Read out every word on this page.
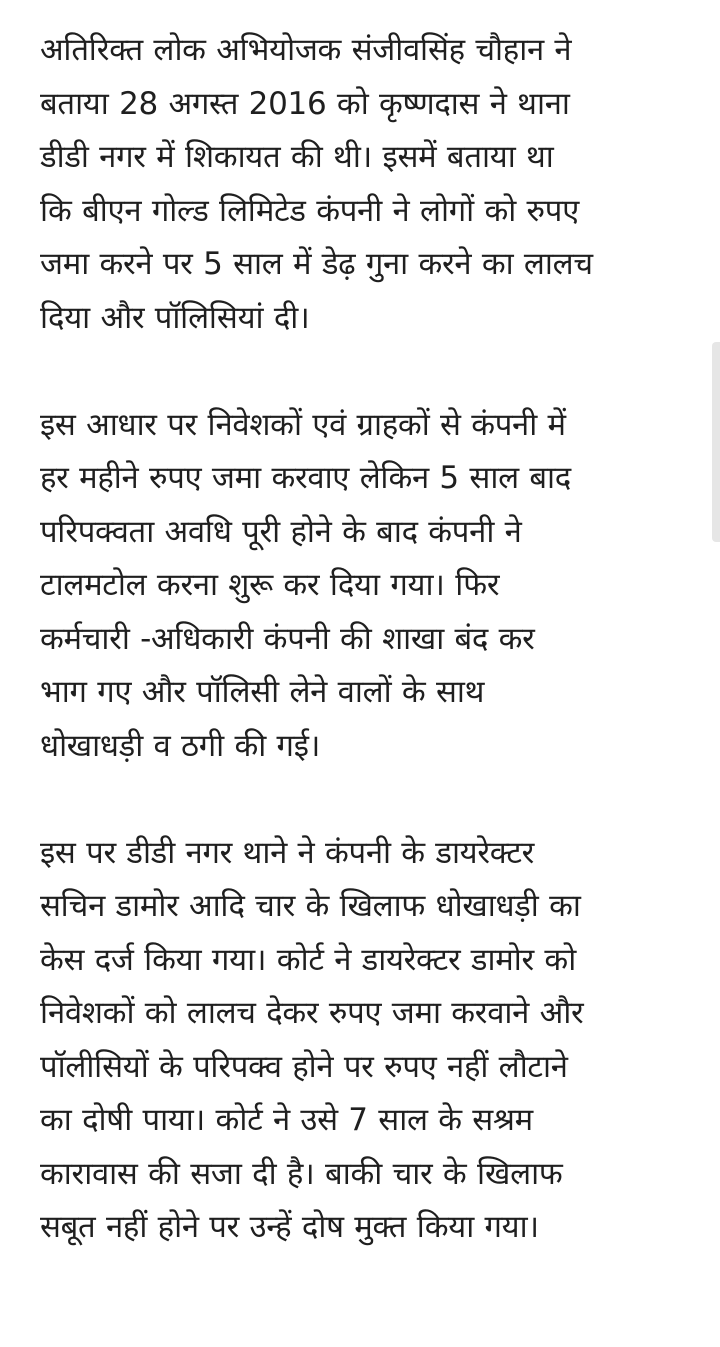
अतिरिक्त लोक अभियोजक संजीवसिंह चौहान ने
बताया 28 अगस्त 2016 को कृष्णदास ने थाना
डीडी नगर में शिकायत की थी। इसमें बताया था
कि बीएन गोल्ड लिमिटेड कंपनी ने लोगों को रुपए
जमा करने पर 5 साल में डेढ़ गुना करने का लालच
दिया और पॉलिसियां दी।

इस आधार पर निवेशकों एवं ग्राहकों से कंपनी में
हर महीने रुपए जमा करवाए लेकिन 5 साल बाद
परिपक्वता अवधि पूरी होने के बाद कंपनी ने
टालमटोल करना शुरू कर दिया गया। फिर
कर्मचारी -अधिकारी कंपनी की शाखा बंद कर
भाग गए और पॉलिसी लेने वालों के साथ
धोखाधड़ी व ठगी की गई।

इस पर डीडी नगर थाने ने कंपनी के डायरेक्टर
सचिन डामोर आदि चार के खिलाफ धोखाधड़ी का
केस दर्ज किया गया। कोर्ट ने डायरेक्टर डामोर को
निवेशकों को लालच देकर रुपए जमा करवाने और
पॉलीसियों के परिपक्व होने पर रुपए नहीं लौटाने
का दोषी पाया। कोर्ट ने उसे 7 साल के सश्रम
कारावास की सजा दी है। बाकी चार के खिलाफ
सबूत नहीं होने पर उन्हें दोष मुक्त किया गया।
